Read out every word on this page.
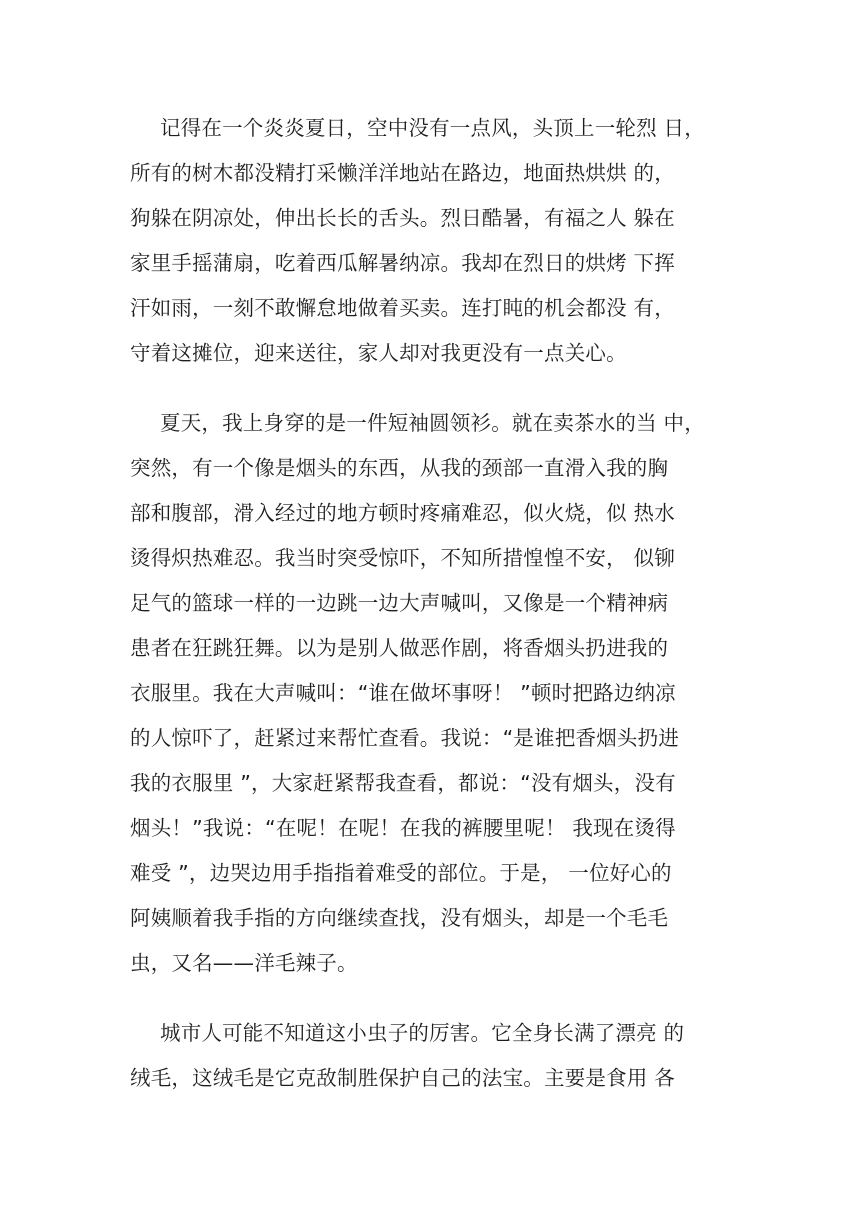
记得在一个炎炎夏日，空中没有一点风，头顶上一轮烈 日，
所有的树木都没精打采懒洋洋地站在路边，地面热烘烘 的，
狗躲在阴凉处，伸出长长的舌头。烈日酷暑，有福之人 躲在
家里手摇蒲扇，吃着西瓜解暑纳凉。我却在烈日的烘烤 下挥
汗如雨，一刻不敢懈怠地做着买卖。连打盹的机会都没 有，
守着这摊位，迎来送往，家人却对我更没有一点关心。
夏天，我上身穿的是一件短袖圆领衫。就在卖茶水的当 中，
突然，有一个像是烟头的东西，从我的颈部一直滑入我的胸
部和腹部，滑入经过的地方顿时疼痛难忍，似火烧，似 热水
烫得炽热难忍。我当时突受惊吓，不知所措惶惶不安， 似铆
足气的篮球一样的一边跳一边大声喊叫，又像是一个精神病
患者在狂跳狂舞。以为是别人做恶作剧，将香烟头扔进我的
衣服里。我在大声喊叫：“谁在做坏事呀！ ”顿时把路边纳凉
的人惊吓了，赶紧过来帮忙查看。我说：“是谁把香烟头扔进
我的衣服里 ”，大家赶紧帮我查看，都说：“没有烟头，没有
烟头！”我说：“在呢！在呢！在我的裤腰里呢！ 我现在烫得
难受 ”，边哭边用手指指着难受的部位。于是， 一位好心的
阿姨顺着我手指的方向继续查找，没有烟头，却是一个毛毛
虫，又名——洋毛辣子。
城市人可能不知道这小虫子的厉害。它全身长满了漂亮 的
绒毛，这绒毛是它克敌制胜保护自己的法宝。主要是食用 各
